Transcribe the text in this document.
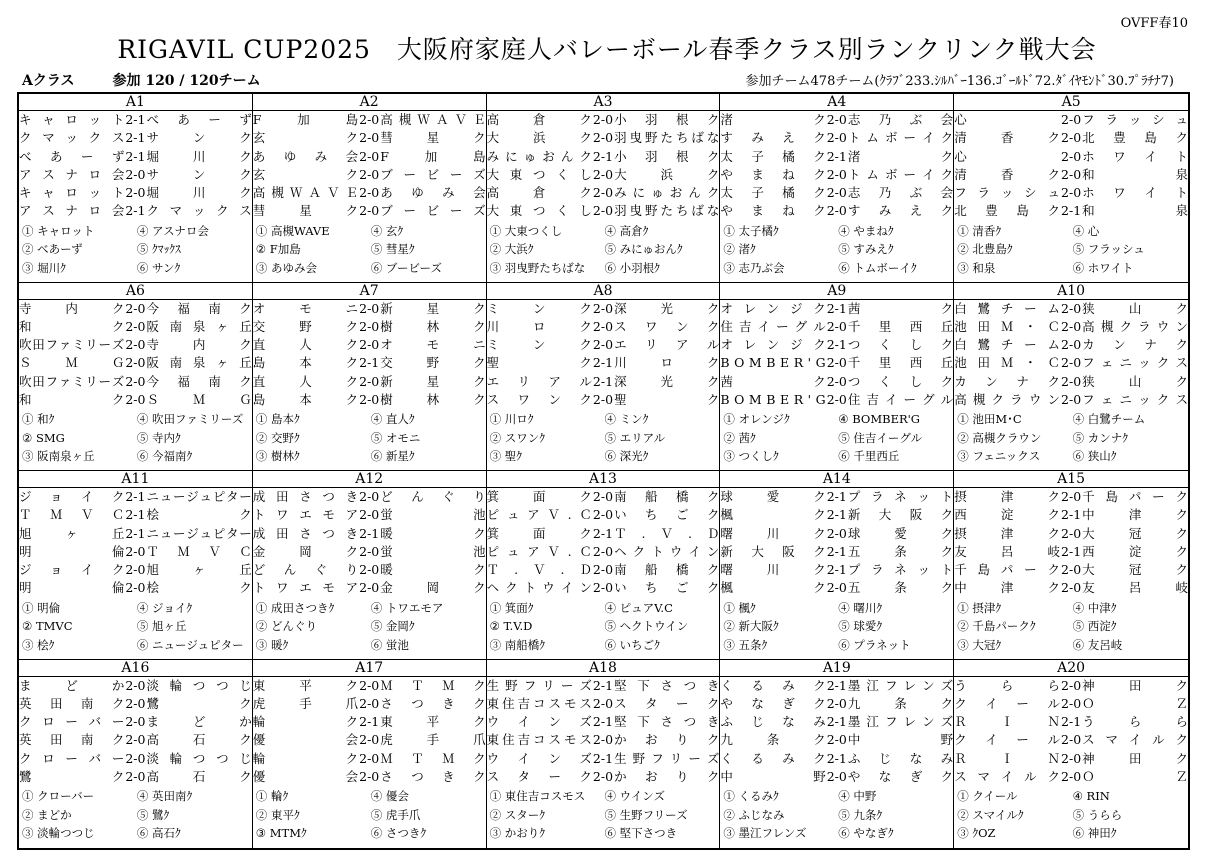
OVFF春10
RIGAVIL CUP2025　大阪府家庭人バレーボール春季クラス別ランクリンク戦大会
Aクラス	参加 120 / 120チーム	参加チーム478チーム(ｸﾗﾌﾞ233.ｼﾙﾊﾞｰ136.ｺﾞｰﾙﾄﾞ72.ﾀﾞｲﾔﾓﾝﾄﾞ30.ﾌﾟﾗﾁﾅ7)
A1
キ ャ ロ ッ ト 2-1 べ あ ー ず
ク マ ッ ク ス 2-1 サ	ン	ク
べ あ ー ず 2-1 堀	川	ク
ア ス ナ ロ 会 2-0 サ	ン	ク
キ ャ ロ ッ ト 2-0 堀	川	ク
ア ス ナ ロ 会 2-1 ク マ ッ ク ス
① キャロット	④ アスナロ会
② べあーず	⑤ ｸﾏｯｸｽ
③ 堀川ｸ	⑥ サンｸ
A2
F	加	島 2-0 高 槻 Ｗ Ａ Ｖ Ｅ
玄	ク 2-0 彗	星	ク
あ ゆ み 会 2-0 F	加	島
玄	ク 2-0 ブ ー ビ ー ズ
高 槻 Ｗ Ａ Ｖ Ｅ 2-0 あ ゆ み 会
彗	星	ク 2-0 ブ ー ビ ー ズ
① 高槻WAVE	④ 玄ｸ
② F加島	⑤ 彗星ｸ
③ あゆみ会	⑥ ブービーズ
A3
高	倉	ク 2-0 小 羽 根 ク
大	浜	ク 2-0 羽 曳 野 た ち ば な
み に ゅ お ん ク 2-1 小 羽 根 ク
大 東 つ く し 2-0 大	浜	ク
高	倉	ク 2-0 み に ゅ お ん ク
大 東 つ く し 2-0 羽 曳 野 た ち ば な
① 大東つくし	④ 高倉ｸ
② 大浜ｸ	⑤ みにゅおんｸ
③ 羽曳野たちばな	⑥ 小羽根ｸ
A4
渚	ク 2-0 志 乃 ぶ 会
す み え ク 2-0 ト ム ボ ー イ ク
太 子 橘 ク 2-1 渚	ク
や ま ね ク 2-0 ト ム ボ ー イ ク
太 子 橘 ク 2-0 志 乃 ぶ 会
や ま ね ク 2-0 す み え ク
① 太子橘ｸ	④ やまねｸ
② 渚ｸ	⑤ すみえｸ
③ 志乃ぶ会	⑥ トムボーイｸ
A5
心	2-0 フ ラ ッ シ ュ
清	香	ク 2-0 北 豊 島 ク
心	2-0 ホ ワ イ ト
清	香	ク 2-0 和	泉
フ ラ ッ シ ュ 2-0 ホ ワ イ ト
北 豊 島 ク 2-1 和	泉
① 清香ｸ	④ 心
② 北豊島ｸ	⑤ フラッシュ
③ 和泉	⑥ ホワイト
A6
寺	内	ク 2-0 今 福 南 ク
和	ク 2-0 阪 南 泉 ヶ 丘
吹 田 フ ァ ミ リ ー ズ 2-0 寺	内	ク
Ｓ	Ｍ	Ｇ 2-0 阪 南 泉 ヶ 丘
吹 田 フ ァ ミ リ ー ズ 2-0 今 福 南 ク
和	ク 2-0 Ｓ	Ｍ	Ｇ
① 和ｸ	④ 吹田ファミリーズ
② SMG	⑤ 寺内ｸ
③ 阪南泉ヶ丘	⑥ 今福南ｸ
A7
オ	モ	ニ 2-0 新	星	ク
交	野	ク 2-0 樹	林	ク
直	人	ク 2-0 オ	モ	ニ
島	本	ク 2-1 交	野	ク
直	人	ク 2-0 新	星	ク
島	本	ク 2-0 樹	林	ク
① 島本ｸ	④ 直人ｸ
② 交野ｸ	⑤ オモニ
③ 樹林ｸ	⑥ 新星ｸ
A8
ミ	ン	ク 2-0 深	光	ク
川	ロ	ク 2-0 ス ワ ン ク
ミ	ン	ク 2-0 エ リ ア ル
聖	ク 2-1 川	ロ	ク
エ リ ア ル 2-1 深	光	ク
ス ワ ン ク 2-0 聖	ク
① 川ロｸ	④ ミンｸ
② スワンｸ	⑤ エリアル
③ 聖ｸ	⑥ 深光ｸ
A9
オ レ ン ジ ク 2-1 茜	ク
住 吉 イ ー グ ル 2-0 千 里 西 丘
オ レ ン ジ ク 2-1 つ く し ク
B O M B E R ' G 2-0 千 里 西 丘
茜	ク 2-0 つ く し ク
B O M B E R ' G 2-0 住 吉 イ ー グ ル
① オレンジｸ	④ BOMBER'G
② 茜ｸ	⑤ 住吉イーグル
③ つくしｸ	⑥ 千里西丘
A10
白 鷺 チ ー ム 2-0 狭	山	ク
池 田 Ｍ ・ Ｃ 2-0 高 槻 ク ラ ウ ン
白 鷺 チ ー ム 2-0 カ ン ナ ク
池 田 Ｍ ・ Ｃ 2-0 フ ェ ニ ッ ク ス
カ ン ナ ク 2-0 狭	山	ク
高 槻 ク ラ ウ ン 2-0 フ ェ ニ ッ ク ス
① 池田M･C	④ 白鷺チーム
② 高槻クラウン	⑤ カンナｸ
③ フェニックス	⑥ 狭山ｸ
A11
ジ ョ イ ク 2-1 ニ ュ ー ジ ュ ピ タ ー
Ｔ Ｍ Ｖ Ｃ 2-1 桧	ク
旭	ヶ	丘 2-1 ニ ュ ー ジ ュ ピ タ ー
明	倫 2-0 Ｔ Ｍ Ｖ Ｃ
ジ ョ イ ク 2-0 旭	ヶ	丘
明	倫 2-0 桧	ク
① 明倫	④ ジョイｸ
② TMVC	⑤ 旭ヶ丘
③ 桧ｸ	⑥ ニュージュピター
A12
成 田 さ つ き 2-0 ど ん ぐ り
ト ワ エ モ ア 2-0 蛍	池
成 田 さ つ き 2-1 暖	ク
金	岡	ク 2-0 蛍	池
ど ん ぐ り 2-0 暖	ク
ト ワ エ モ ア 2-0 金	岡	ク
① 成田さつきｸ	④ トワエモア
② どんぐり	⑤ 金岡ｸ
③ 暖ｸ	⑥ 蛍池
A13
箕	面	ク 2-0 南 船 橋 ク
ピ ュ ア Ｖ . Ｃ 2-0 い ち ご ク
箕	面	ク 2-1 Ｔ . Ｖ . Ｄ
ピ ュ ア Ｖ . Ｃ 2-0 ヘ ク ト ウ イ ン
Ｔ . Ｖ . Ｄ 2-0 南 船 橋 ク
ヘ ク ト ウ イ ン 2-0 い ち ご ク
① 箕面ｸ	④ ピュアV.C
② T.V.D	⑤ ヘクトウイン
③ 南船橋ｸ	⑥ いちごｸ
A14
球	愛	ク 2-1 プ ラ ネ ッ ト
楓	ク 2-1 新 大 阪 ク
曙	川	ク 2-0 球	愛	ク
新 大 阪 ク 2-1 五	条	ク
曙	川	ク 2-1 プ ラ ネ ッ ト
楓	ク 2-0 五	条	ク
① 楓ｸ	④ 曙川ｸ
② 新大阪ｸ	⑤ 球愛ｸ
③ 五条ｸ	⑥ プラネット
A15
摂	津	ク 2-0 千 島 パ ー ク
西	淀	ク 2-1 中	津	ク
摂	津	ク 2-0 大	冠	ク
友	呂	岐 2-1 西	淀	ク
千 島 パ ー ク 2-0 大	冠	ク
中	津	ク 2-0 友	呂	岐
① 摂津ｸ	④ 中津ｸ
② 千島パークｸ	⑤ 西淀ｸ
③ 大冠ｸ	⑥ 友呂岐
A16
ま	ど	か 2-0 淡 輪 つ つ じ
英 田 南 ク 2-0 鷺	ク
ク ロ ー バ ー 2-0 ま	ど	か
英 田 南 ク 2-0 高	石	ク
ク ロ ー バ ー 2-0 淡 輪 つ つ じ
鷺	ク 2-0 高	石	ク
① クローバー	④ 英田南ｸ
② まどか	⑤ 鷺ｸ
③ 淡輪つつじ	⑥ 高石ｸ
A17
東	平	ク 2-0 Ｍ Ｔ Ｍ ク
虎	手	爪 2-0 さ つ き ク
輪	ク 2-1 東	平	ク
優	会 2-0 虎	手	爪
輪	ク 2-0 Ｍ Ｔ Ｍ ク
優	会 2-0 さ つ き ク
① 輪ｸ	④ 優会
② 東平ｸ	⑤ 虎手爪
③ MTMｸ	⑥ さつきｸ
A18
生 野 フ リ ー ズ 2-1 堅 下 さ つ き
東 住 吉 コ ス モ ス 2-0 ス タ ー ク
ウ イ ン ズ 2-1 堅 下 さ つ き
東 住 吉 コ ス モ ス 2-0 か お り ク
ウ イ ン ズ 2-1 生 野 フ リ ー ズ
ス タ ー ク 2-0 か お り ク
① 東住吉コスモス	④ ウインズ
② スターｸ	⑤ 生野フリーズ
③ かおりｸ	⑥ 堅下さつき
A19
く る み ク 2-1 墨 江 フ レ ン ズ
や な ぎ ク 2-0 九	条	ク
ふ じ な み 2-1 墨 江 フ レ ン ズ
九	条	ク 2-0 中	野
く る み ク 2-1 ふ じ な み
中	野 2-0 や な ぎ ク
① くるみｸ	④ 中野
② ふじなみ	⑤ 九条ｸ
③ 墨江フレンズ	⑥ やなぎｸ
A20
う	ら	ら 2-0 神	田	ク
ク イ ー ル 2-0 Ｏ	Ｚ
Ｒ	Ｉ	Ｎ 2-1 う	ら	ら
ク イ ー ル 2-0 ス マ イ ル ク
Ｒ	Ｉ	Ｎ 2-0 神	田	ク
ス マ イ ル ク 2-0 Ｏ	Ｚ
① クイール	④ RIN
② スマイルｸ	⑤ うらら
③ ｸOZ	⑥ 神田ｸ
